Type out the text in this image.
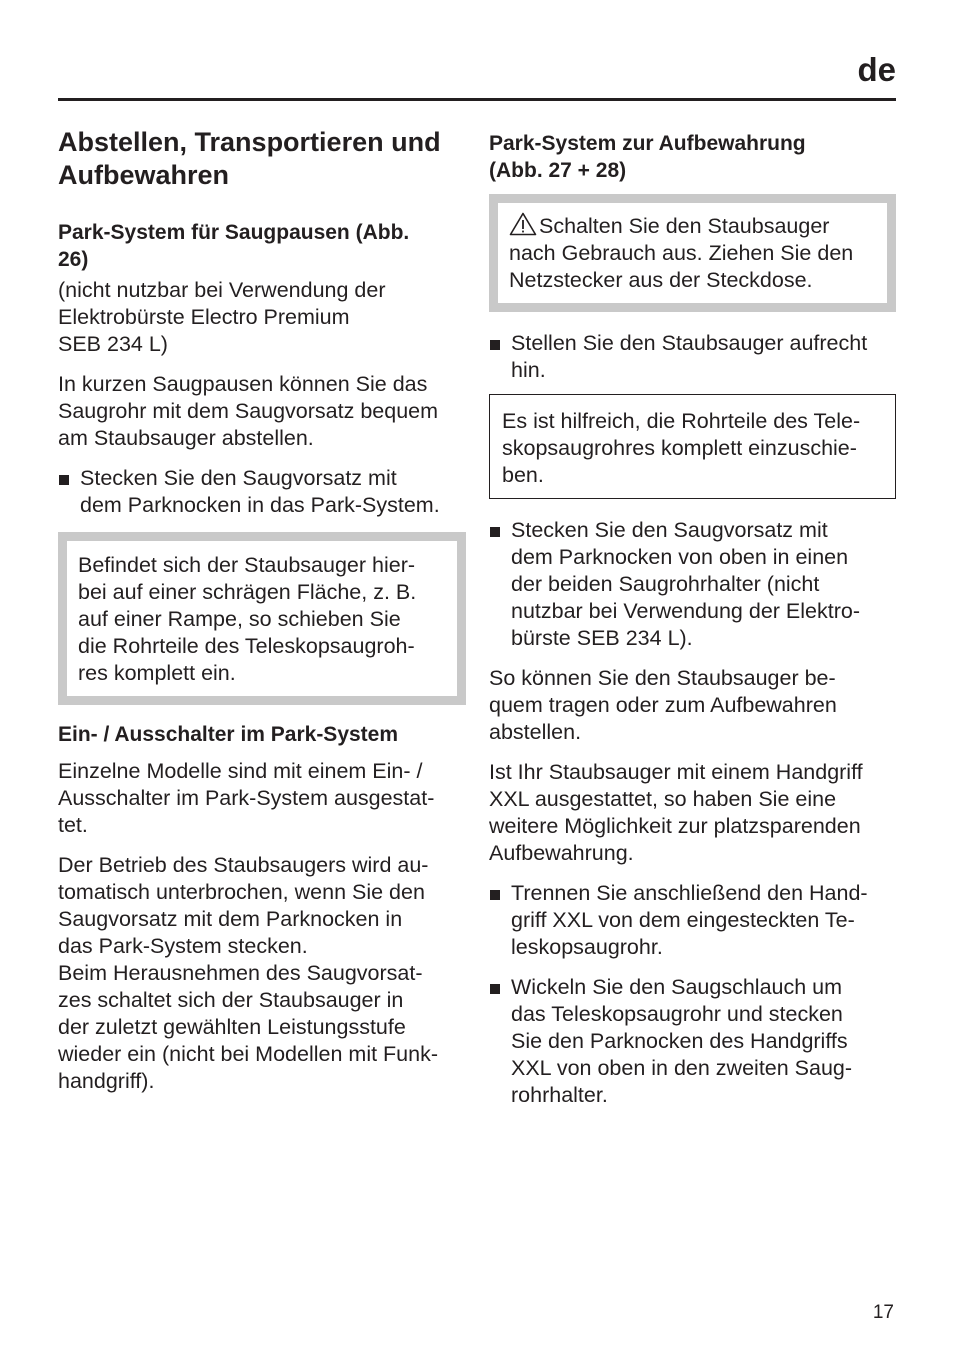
de
Abstellen, Transportieren und
Aufbewahren
Park-System für Saugpausen (Abb.
26)
(nicht nutzbar bei Verwendung der
Elektrobürste Electro Premium
SEB 234 L)
In kurzen Saugpausen können Sie das
Saugrohr mit dem Saugvorsatz bequem
am Staubsauger abstellen.
Stecken Sie den Saugvorsatz mit
dem Parknocken in das Park-System.
Befindet sich der Staubsauger hier-
bei auf einer schrägen Fläche, z. B.
auf einer Rampe, so schieben Sie
die Rohrteile des Teleskopsaugroh-
res komplett ein.
Ein- / Ausschalter im Park-System
Einzelne Modelle sind mit einem Ein- /
Ausschalter im Park-System ausgestat-
tet.
Der Betrieb des Staubsaugers wird au-
tomatisch unterbrochen, wenn Sie den
Saugvorsatz mit dem Parknocken in
das Park-System stecken.
Beim Herausnehmen des Saugvorsat-
zes schaltet sich der Staubsauger in
der zuletzt gewählten Leistungsstufe
wieder ein (nicht bei Modellen mit Funk-
handgriff).
Park-System zur Aufbewahrung
(Abb. 27 + 28)
Schalten Sie den Staubsauger
nach Gebrauch aus. Ziehen Sie den
Netzstecker aus der Steckdose.
Stellen Sie den Staubsauger aufrecht
hin.
Es ist hilfreich, die Rohrteile des Tele-
skopsaugrohres komplett einzuschie-
ben.
Stecken Sie den Saugvorsatz mit
dem Parknocken von oben in einen
der beiden Saugrohrhalter (nicht
nutzbar bei Verwendung der Elektro-
bürste SEB 234 L).
So können Sie den Staubsauger be-
quem tragen oder zum Aufbewahren
abstellen.
Ist Ihr Staubsauger mit einem Handgriff
XXL ausgestattet, so haben Sie eine
weitere Möglichkeit zur platzsparenden
Aufbewahrung.
Trennen Sie anschließend den Hand-
griff XXL von dem eingesteckten Te-
leskopsaugrohr.
Wickeln Sie den Saugschlauch um
das Teleskopsaugrohr und stecken
Sie den Parknocken des Handgriffs
XXL von oben in den zweiten Saug-
rohrhalter.
17
